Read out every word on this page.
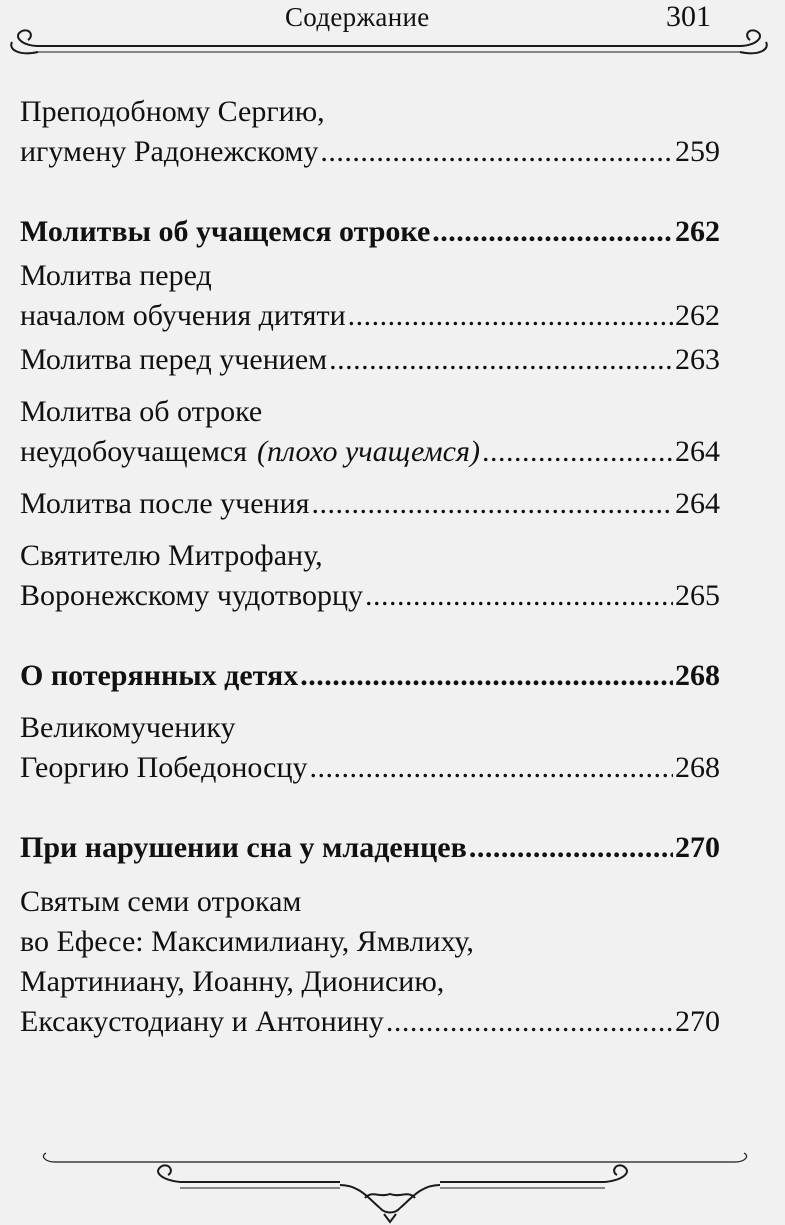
Содержание	301
Преподобному Сергию,
игумену Радонежскому .....	259
Молитвы об учащемся отроке .....	262
Молитва перед
началом обучения дитяти .....	262
Молитва перед учением .....	263
Молитва об отроке
неудобоучащемся (плохо учащемся) .....	264
Молитва после учения .....	264
Святителю Митрофану,
Воронежскому чудотворцу .....	265
О потерянных детях .....	268
Великомученику
Георгию Победоносцу .....	268
При нарушении сна у младенцев .....	270
Святым семи отрокам
во Ефесе: Максимилиану, Ямвлиху,
Мартиниану, Иоанну, Дионисию,
Ексакустодиану и Антонину .....	270
